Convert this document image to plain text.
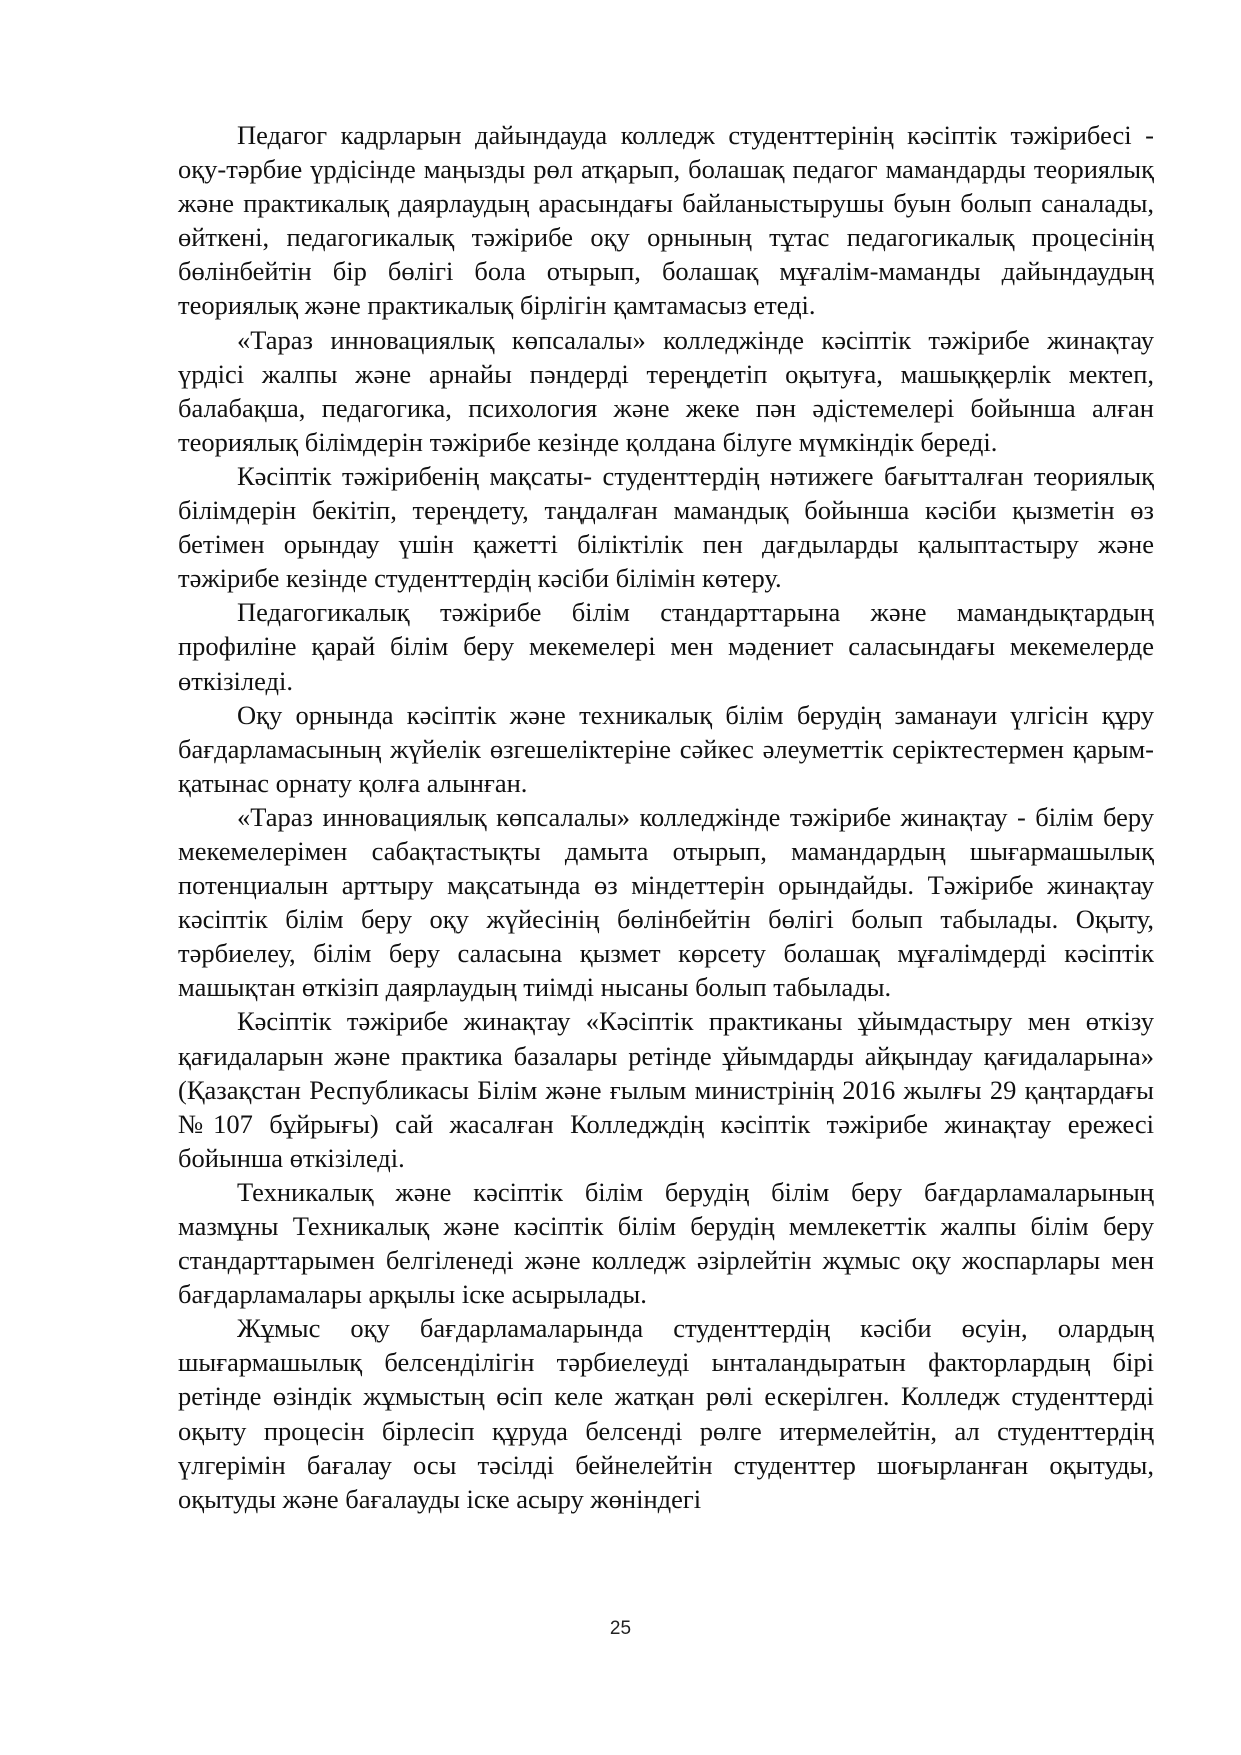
Педагог кадрларын дайындауда колледж студенттерінің кәсіптік тәжірибесі - оқу-тәрбие үрдісінде маңызды рөл атқарып, болашақ педагог мамандарды теориялық және практикалық даярлаудың арасындағы байланыстырушы буын болып саналады, өйткені, педагогикалық тәжірибе оқу орнының тұтас педагогикалық процесінің бөлінбейтін бір бөлігі бола отырып, болашақ мұғалім-маманды дайындаудың теориялық және практикалық бірлігін қамтамасыз етеді.

«Тараз инновациялық көпсалалы» колледжінде кәсіптік тәжірибе жинақтау үрдісі жалпы және арнайы пәндерді тереңдетіп оқытуға, машыққерлік мектеп, балабақша, педагогика, психология және жеке пән әдістемелері бойынша алған теориялық білімдерін тәжірибе кезінде қолдана білуге мүмкіндік береді.

Кәсіптік тәжірибенің мақсаты- студенттердің нәтижеге бағытталған теориялық білімдерін бекітіп, тереңдету, таңдалған мамандық бойынша кәсіби қызметін өз бетімен орындау үшін қажетті біліктілік пен дағдыларды қалыптастыру және тәжірибе кезінде студенттердің кәсіби білімін көтеру.

Педагогикалық тәжірибе білім стандарттарына және мамандықтардың профиліне қарай білім беру мекемелері мен мәдениет саласындағы мекемелерде өткізіледі.

Оқу орнында кәсіптік және техникалық білім берудің заманауи үлгісін құру бағдарламасының жүйелік өзгешеліктеріне сәйкес әлеуметтік серіктестермен қарым-қатынас орнату қолға алынған.

«Тараз инновациялық көпсалалы» колледжінде тәжірибе жинақтау - білім беру мекемелерімен сабақтастықты дамыта отырып, мамандардың шығармашылық потенциалын арттыру мақсатында өз міндеттерін орындайды. Тәжірибе жинақтау кәсіптік білім беру оқу жүйесінің бөлінбейтін бөлігі болып табылады. Оқыту, тәрбиелеу, білім беру саласына қызмет көрсету болашақ мұғалімдерді кәсіптік машықтан өткізіп даярлаудың тиімді нысаны болып табылады.

Кәсіптік тәжірибе жинақтау «Кәсіптік практиканы ұйымдастыру мен өткізу қағидаларын және практика базалары ретінде ұйымдарды айқындау қағидаларына» (Қазақстан Республикасы Білім және ғылым министрінің 2016 жылғы 29 қаңтардағы №107 бұйрығы) сай жасалған Колледждің кәсіптік тәжірибе жинақтау ережесі бойынша өткізіледі.

Техникалық және кәсіптік білім берудің білім беру бағдарламаларының мазмұны Техникалық және кәсіптік білім берудің мемлекеттік жалпы білім беру стандарттарымен белгіленеді және колледж әзірлейтін жұмыс оқу жоспарлары мен бағдарламалары арқылы іске асырылады.

Жұмыс оқу бағдарламаларында студенттердің кәсіби өсуін, олардың шығармашылық белсенділігін тәрбиелеуді ынталандыратын факторлардың бірі ретінде өзіндік жұмыстың өсіп келе жатқан рөлі ескерілген. Колледж студенттерді оқыту процесін бірлесіп құруда белсенді рөлге итермелейтін, ал студенттердің үлгерімін бағалау осы тәсілді бейнелейтін студенттер шоғырланған оқытуды, оқытуды және бағалауды іске асыру жөніндегі

25
